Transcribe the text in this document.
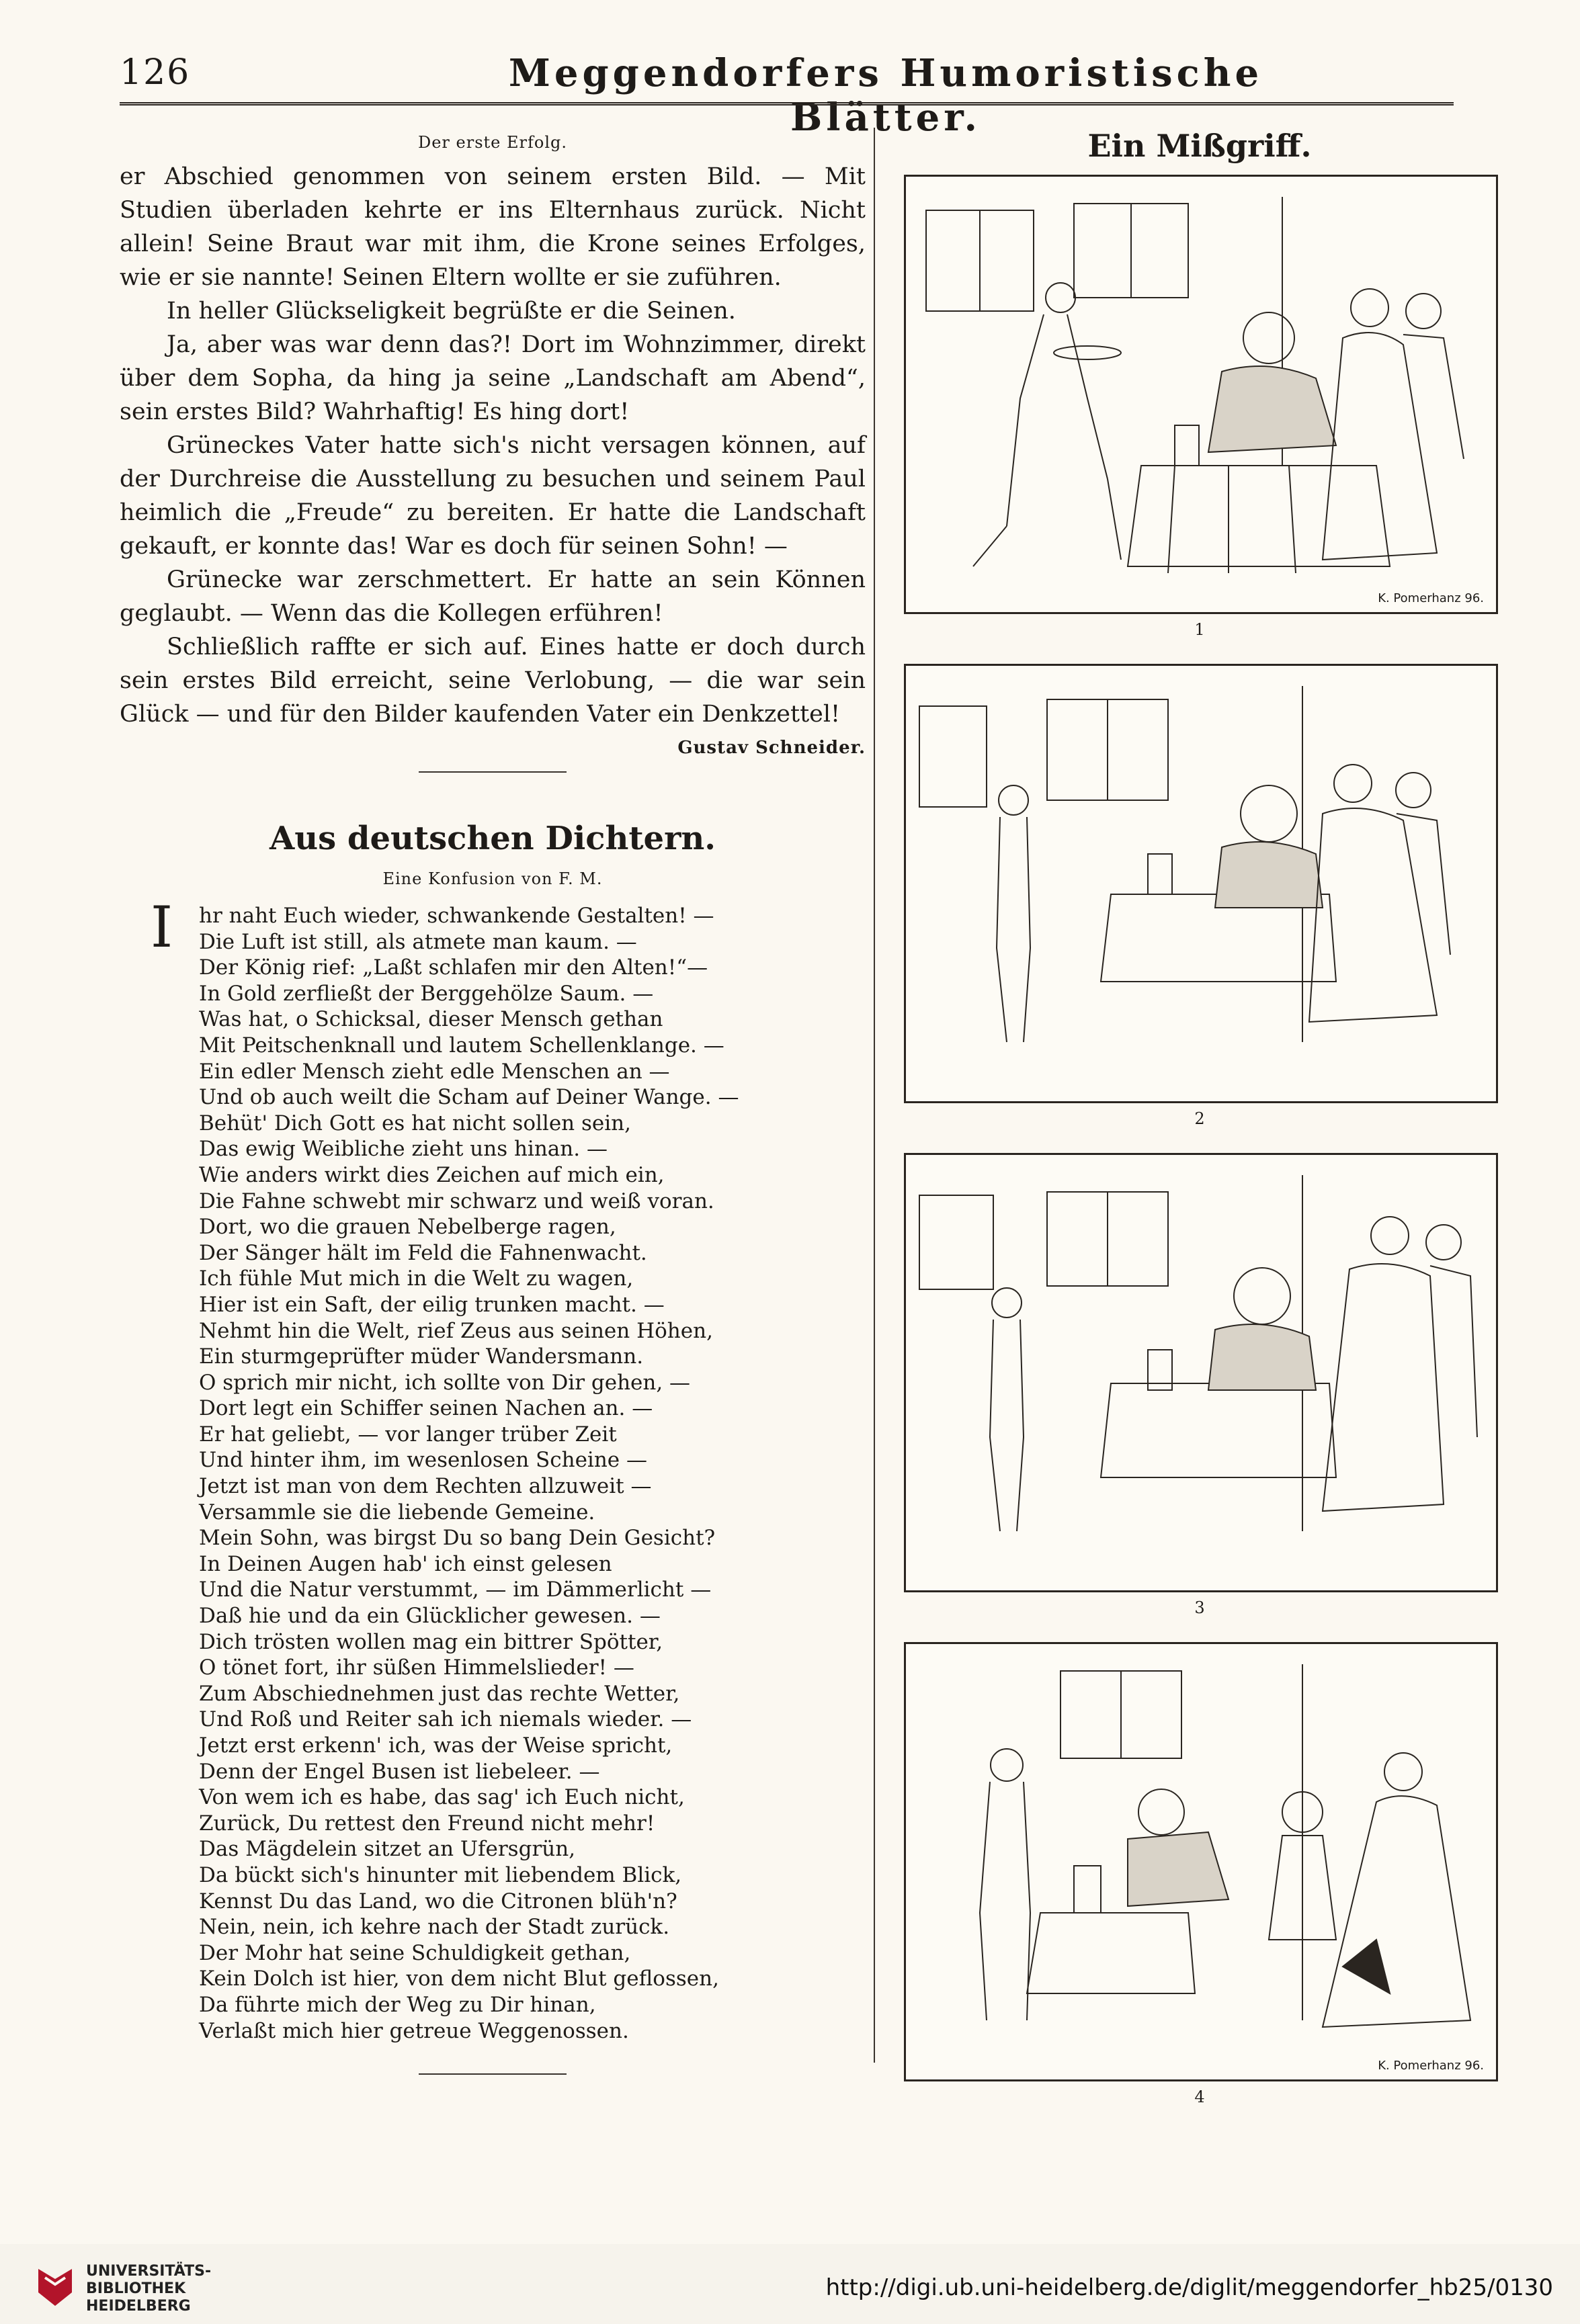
126	Meggendorfers Humoristische Blätter.
Der erste Erfolg.

er Abschied genommen von seinem ersten Bild. — Mit Studien überladen kehrte er ins Elternhaus zurück. Nicht allein! Seine Braut war mit ihm, die Krone seines Erfolges, wie er sie nannte! Seinen Eltern wollte er sie zuführen.

In heller Glückseligkeit begrüßte er die Seinen.

Ja, aber was war denn das?! Dort im Wohnzimmer, direkt über dem Sopha, da hing ja seine „Landschaft am Abend“, sein erstes Bild? Wahrhaftig! Es hing dort!

Grüneckes Vater hatte sich's nicht versagen können, auf der Durchreise die Ausstellung zu besuchen und seinem Paul heimlich die „Freude“ zu bereiten. Er hatte die Landschaft gekauft, er konnte das! War es doch für seinen Sohn! —

Grünecke war zerschmettert. Er hatte an sein Können geglaubt. — Wenn das die Kollegen erführen!

Schließlich raffte er sich auf. Eines hatte er doch durch sein erstes Bild erreicht, seine Verlobung, — die war sein Glück — und für den Bilder kaufenden Vater ein Denkzettel!

Gustav Schneider.
Aus deutschen Dichtern.
Eine Konfusion von F. M.
Ihr naht Euch wieder, schwankende Gestalten! —
Die Luft ist still, als atmete man kaum. —
Der König rief: „Laßt schlafen mir den Alten!“—
In Gold zerfließt der Berggehölze Saum. —
Was hat, o Schicksal, dieser Mensch gethan
Mit Peitschenknall und lautem Schellenklange. —
Ein edler Mensch zieht edle Menschen an —
Und ob auch weilt die Scham auf Deiner Wange. —
Behüt' Dich Gott es hat nicht sollen sein,
Das ewig Weibliche zieht uns hinan. —
Wie anders wirkt dies Zeichen auf mich ein,
Die Fahne schwebt mir schwarz und weiß voran.
Dort, wo die grauen Nebelberge ragen,
Der Sänger hält im Feld die Fahnenwacht.
Ich fühle Mut mich in die Welt zu wagen,
Hier ist ein Saft, der eilig trunken macht. —
Nehmt hin die Welt, rief Zeus aus seinen Höhen,
Ein sturmgeprüfter müder Wandersmann.
O sprich mir nicht, ich sollte von Dir gehen, —
Dort legt ein Schiffer seinen Nachen an. —
Er hat geliebt, — vor langer trüber Zeit
Und hinter ihm, im wesenlosen Scheine —
Jetzt ist man von dem Rechten allzuweit —
Versammle sie die liebende Gemeine.
Mein Sohn, was birgst Du so bang Dein Gesicht?
In Deinen Augen hab' ich einst gelesen
Und die Natur verstummt, — im Dämmerlicht —
Daß hie und da ein Glücklicher gewesen. —
Dich trösten wollen mag ein bittrer Spötter,
O tönet fort, ihr süßen Himmelslieder! —
Zum Abschiednehmen just das rechte Wetter,
Und Roß und Reiter sah ich niemals wieder. —
Jetzt erst erkenn' ich, was der Weise spricht,
Denn der Engel Busen ist liebeleer. —
Von wem ich es habe, das sag' ich Euch nicht,
Zurück, Du rettest den Freund nicht mehr!
Das Mägdelein sitzet an Ufersgrün,
Da bückt sich's hinunter mit liebendem Blick,
Kennst Du das Land, wo die Citronen blüh'n?
Nein, nein, ich kehre nach der Stadt zurück.
Der Mohr hat seine Schuldigkeit gethan,
Kein Dolch ist hier, von dem nicht Blut geflossen,
Da führte mich der Weg zu Dir hinan,
Verlaßt mich hier getreue Weggenossen.
Ein Mißgriff.
K. Pomerhanz 96.
1
2
3
K. Pomerhanz 96.
4
UNIVERSITÄTS-
BIBLIOTHEK
HEIDELBERG
http://digi.ub.uni-heidelberg.de/diglit/meggendorfer_hb25/0130
